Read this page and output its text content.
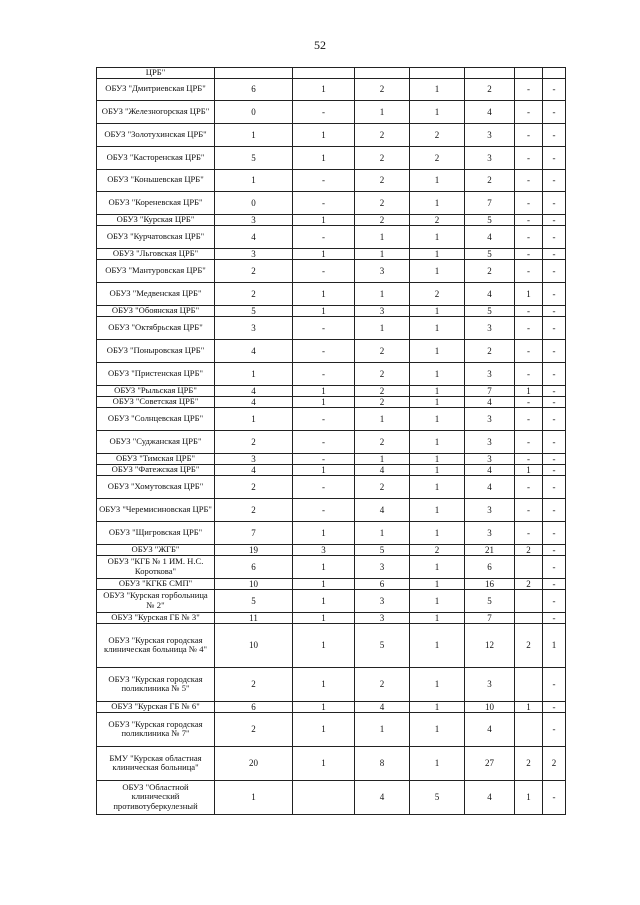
52
ЦРБ"							
ОБУЗ "Дмитриевская ЦРБ"	6	1	2	1	2	-	-
ОБУЗ "Железногорская ЦРБ"	0	-	1	1	4	-	-
ОБУЗ "Золотухинская ЦРБ"	1	1	2	2	3	-	-
ОБУЗ "Касторенская ЦРБ"	5	1	2	2	3	-	-
ОБУЗ "Коньшевская ЦРБ"	1	-	2	1	2	-	-
ОБУЗ "Кореневская ЦРБ"	0	-	2	1	7	-	-
ОБУЗ "Курская ЦРБ"	3	1	2	2	5	-	-
ОБУЗ "Курчатовская ЦРБ"	4	-	1	1	4	-	-
ОБУЗ "Льговская ЦРБ"	3	1	1	1	5	-	-
ОБУЗ "Мантуровская ЦРБ"	2	-	3	1	2	-	-
ОБУЗ "Медвенская ЦРБ"	2	1	1	2	4	1	-
ОБУЗ "Обоянская ЦРБ"	5	1	3	1	5	-	-
ОБУЗ "Октябрьская ЦРБ"	3	-	1	1	3	-	-
ОБУЗ "Поныровская ЦРБ"	4	-	2	1	2	-	-
ОБУЗ "Пристенская ЦРБ"	1	-	2	1	3	-	-
ОБУЗ "Рыльская ЦРБ"	4	1	2	1	7	1	-
ОБУЗ "Советская ЦРБ"	4	1	2	1	4	-	-
ОБУЗ "Солнцевская ЦРБ"	1	-	1	1	3	-	-
ОБУЗ "Суджанская ЦРБ"	2	-	2	1	3	-	-
ОБУЗ "Тимская ЦРБ"	3	-	1	1	3	-	-
ОБУЗ "Фатежская ЦРБ"	4	1	4	1	4	1	-
ОБУЗ "Хомутовская ЦРБ"	2	-	2	1	4	-	-
ОБУЗ "Черемисиновская ЦРБ"	2	-	4	1	3	-	-
ОБУЗ "Щигровская ЦРБ"	7	1	1	1	3	-	-
ОБУЗ "ЖГБ"	19	3	5	2	21	2	-
ОБУЗ "КГБ № 1 ИМ. Н.С. Короткова"	6	1	3	1	6		-
ОБУЗ "КГКБ СМП"	10	1	6	1	16	2	-
ОБУЗ "Курская горбольница № 2"	5	1	3	1	5		-
ОБУЗ "Курская ГБ № 3"	11	1	3	1	7		-
ОБУЗ "Курская городская клиническая больница № 4"	10	1	5	1	12	2	1
ОБУЗ "Курская городская поликлиника № 5"	2	1	2	1	3		-
ОБУЗ "Курская ГБ № 6"	6	1	4	1	10	1	-
ОБУЗ "Курская городская поликлиника № 7"	2	1	1	1	4		-
БМУ "Курская областная клиническая больница"	20	1	8	1	27	2	2
ОБУЗ "Областной клинический противотуберкулезный	1		4	5	4	1	-
